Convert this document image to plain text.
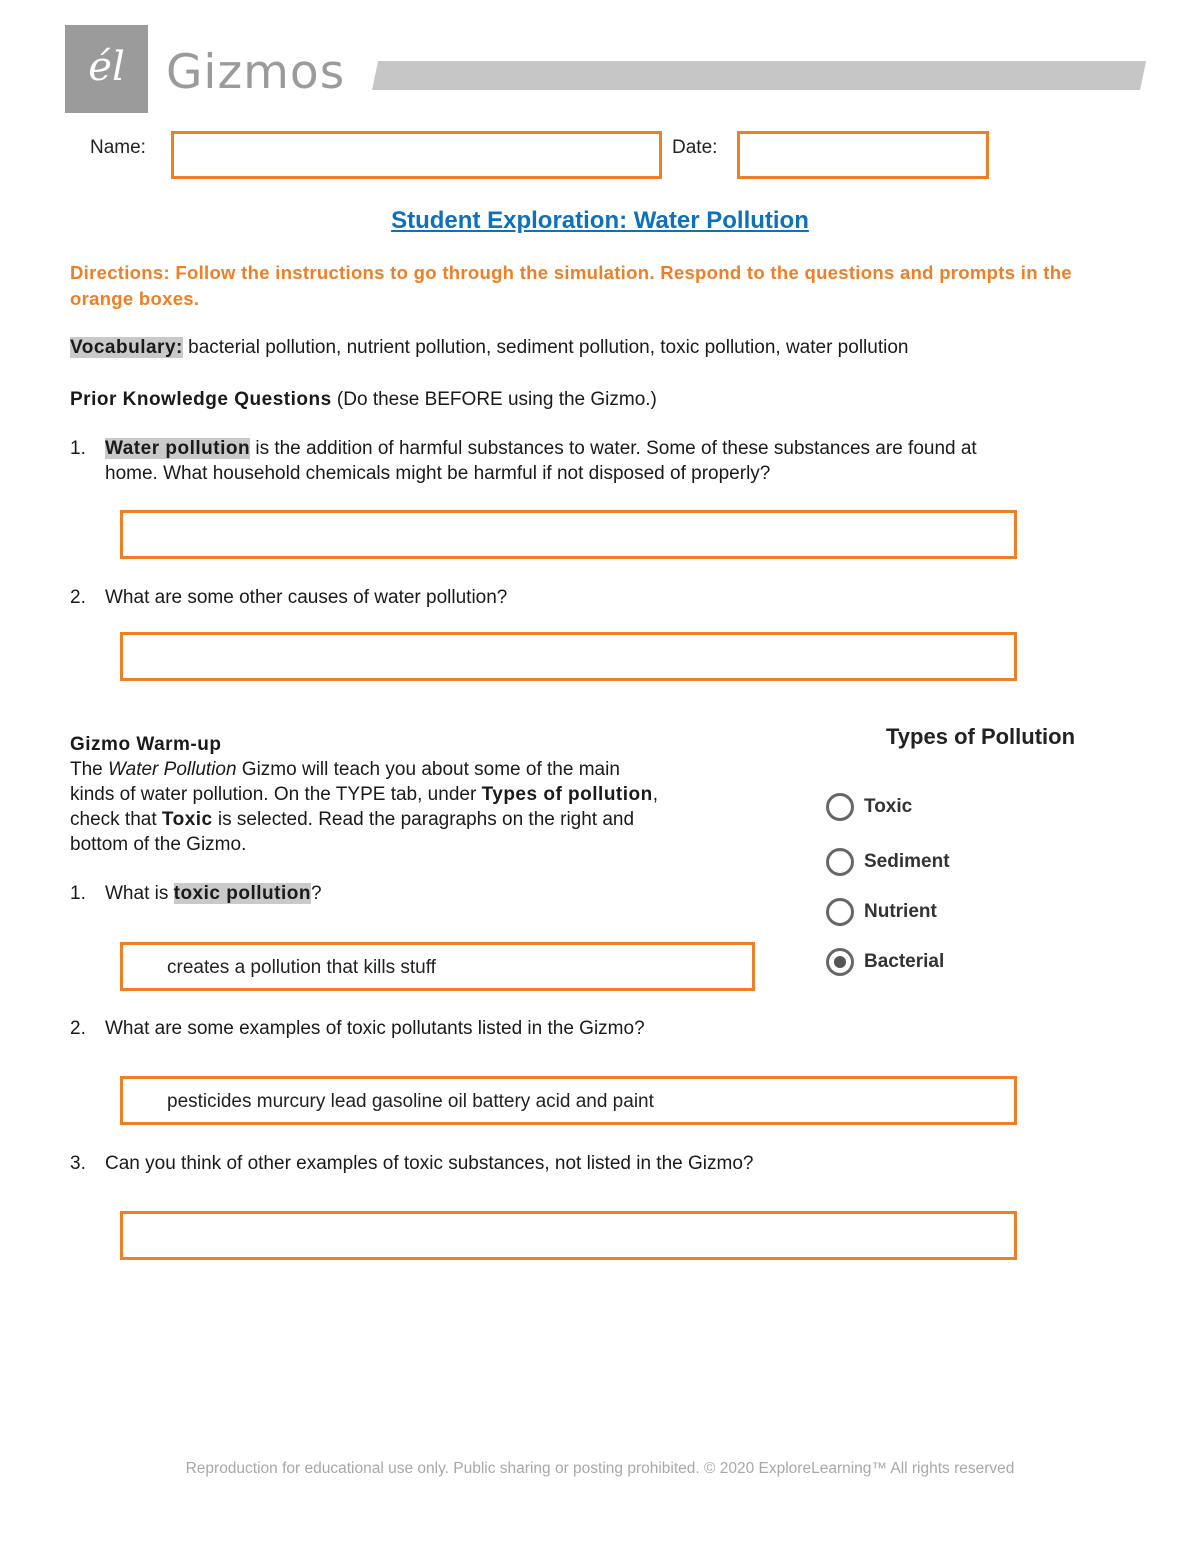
él Gizmos
Name:	Date:
Student Exploration: Water Pollution
Directions: Follow the instructions to go through the simulation. Respond to the questions and prompts in the orange boxes.
Vocabulary: bacterial pollution, nutrient pollution, sediment pollution, toxic pollution, water pollution
Prior Knowledge Questions (Do these BEFORE using the Gizmo.)
1. Water pollution is the addition of harmful substances to water. Some of these substances are found at
home. What household chemicals might be harmful if not disposed of properly?
2. What are some other causes of water pollution?
Gizmo Warm-up
The Water Pollution Gizmo will teach you about some of the main
kinds of water pollution. On the TYPE tab, under Types of pollution,
check that Toxic is selected. Read the paragraphs on the right and
bottom of the Gizmo.
1. What is toxic pollution?
creates a pollution that kills stuff
2. What are some examples of toxic pollutants listed in the Gizmo?
pesticides murcury lead gasoline oil battery acid and paint
3. Can you think of other examples of toxic substances, not listed in the Gizmo?
Types of Pollution
Toxic
Sediment
Nutrient
Bacterial
Reproduction for educational use only. Public sharing or posting prohibited. © 2020 ExploreLearning™ All rights reserved
